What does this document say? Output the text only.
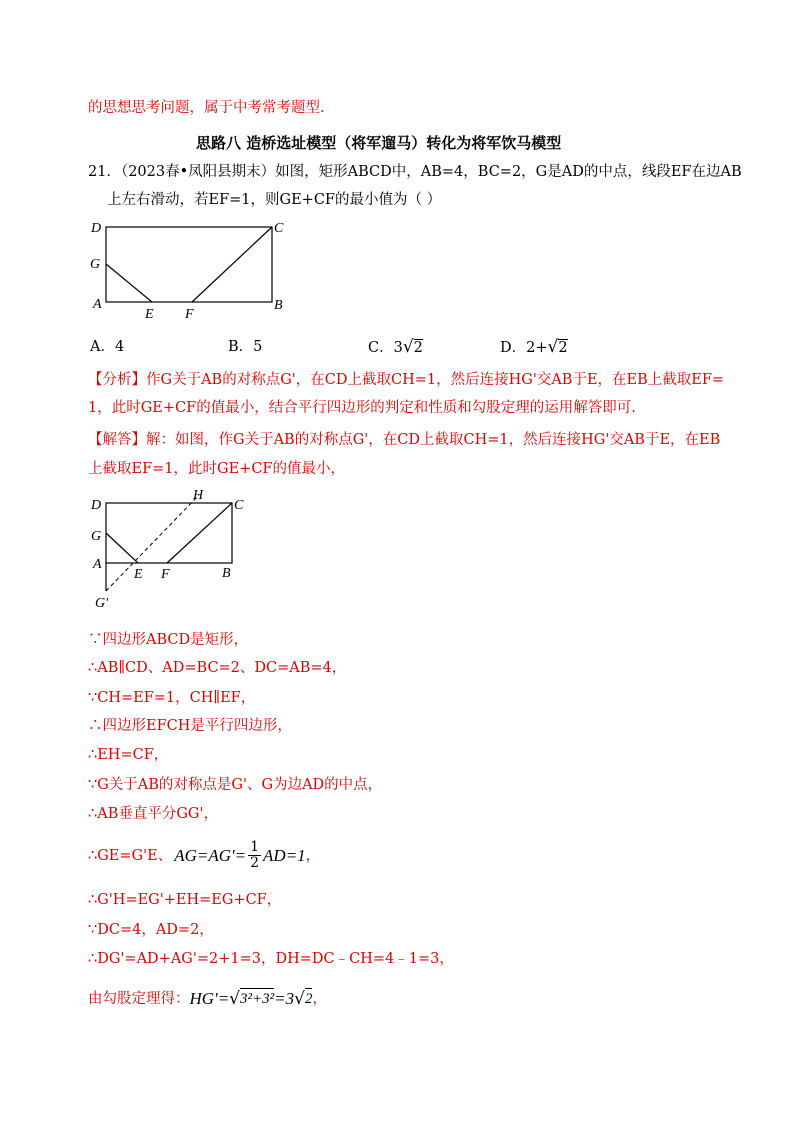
的思想思考问题，属于中考常考题型.
思路八 造桥选址模型（将军遛马）转化为将军饮马模型
21．（2023春•凤阳县期末）如图，矩形ABCD中，AB=4，BC=2，G是AD的中点，线段EF在边AB
上左右滑动，若EF=1，则GE+CF的最小值为（ ）
D	C
G
A	B
E F
A．4	B．5	C．3√2	D．2+√2
【分析】作G关于AB的对称点G'，在CD上截取CH=1，然后连接HG'交AB于E，在EB上截取EF=
1，此时GE+CF的值最小，结合平行四边形的判定和性质和勾股定理的运用解答即可.
【解答】解：如图，作G关于AB的对称点G'，在CD上截取CH=1，然后连接HG'交AB于E，在EB
上截取EF=1，此时GE+CF的值最小，
D
H
C
G
A
E F	B
G'
∵四边形ABCD是矩形，
∴AB∥CD、AD=BC=2、DC=AB=4，
∵CH=EF=1，CH∥EF，
∴四边形EFCH是平行四边形，
∴EH=CF，
∵G关于AB的对称点是G'、G为边AD的中点，
∴AB垂直平分GG'，
∴GE=G'E、 $AG=AG'= \frac{1}{2} AD=1$ ，
∴G'H=EG'+EH=EG+CF，
∵DC=4，AD=2，
∴DG'=AD+AG'=2+1=3，DH=DC﹣CH=4﹣1=3，
由勾股定理得： HG'= √ 3²+3² =3 √ 2 ，
